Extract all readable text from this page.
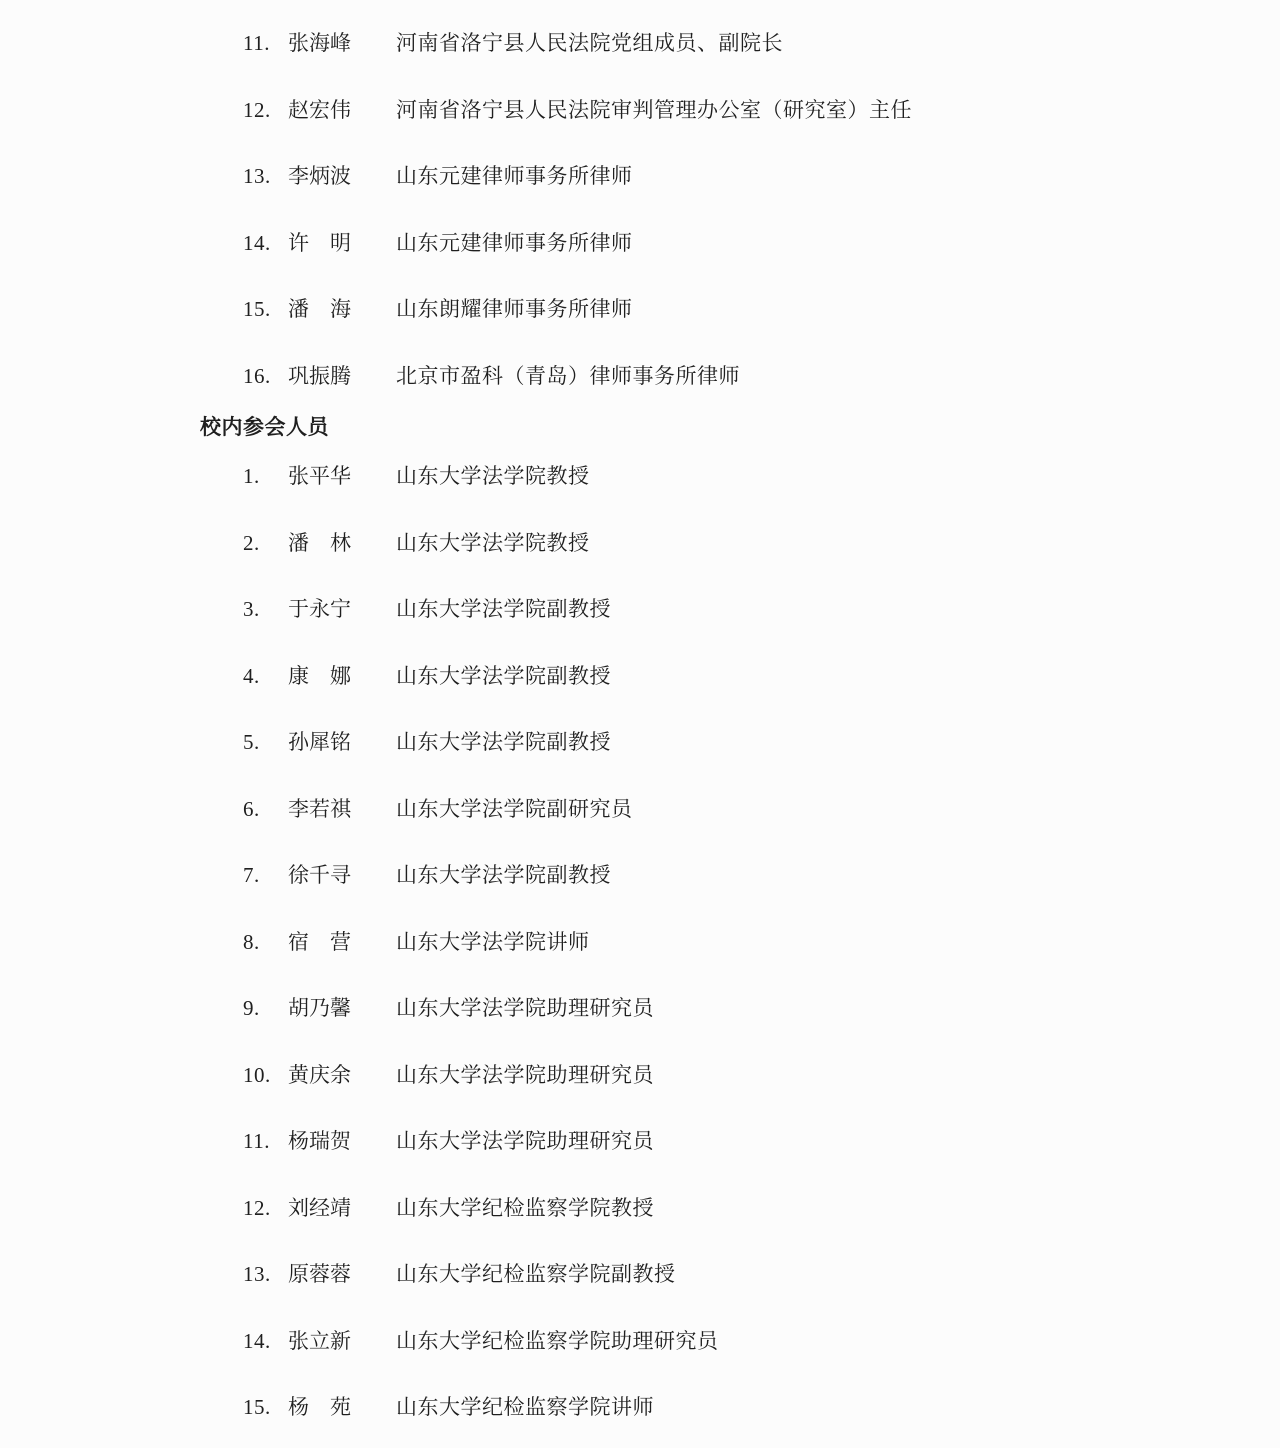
11. 张海峰	河南省洛宁县人民法院党组成员、副院长
12. 赵宏伟	河南省洛宁县人民法院审判管理办公室（研究室）主任
13. 李炳波	山东元建律师事务所律师
14. 许　明	山东元建律师事务所律师
15. 潘　海	山东朗耀律师事务所律师
16. 巩振腾	北京市盈科（青岛）律师事务所律师
校内参会人员
1.	张平华	山东大学法学院教授
2.	潘　林	山东大学法学院教授
3.	于永宁	山东大学法学院副教授
4.	康　娜	山东大学法学院副教授
5.	孙犀铭	山东大学法学院副教授
6.	李若祺	山东大学法学院副研究员
7.	徐千寻	山东大学法学院副教授
8.	宿　营	山东大学法学院讲师
9.	胡乃馨	山东大学法学院助理研究员
10. 黄庆余	山东大学法学院助理研究员
11. 杨瑞贺	山东大学法学院助理研究员
12. 刘经靖	山东大学纪检监察学院教授
13. 原蓉蓉	山东大学纪检监察学院副教授
14. 张立新	山东大学纪检监察学院助理研究员
15. 杨　苑	山东大学纪检监察学院讲师
